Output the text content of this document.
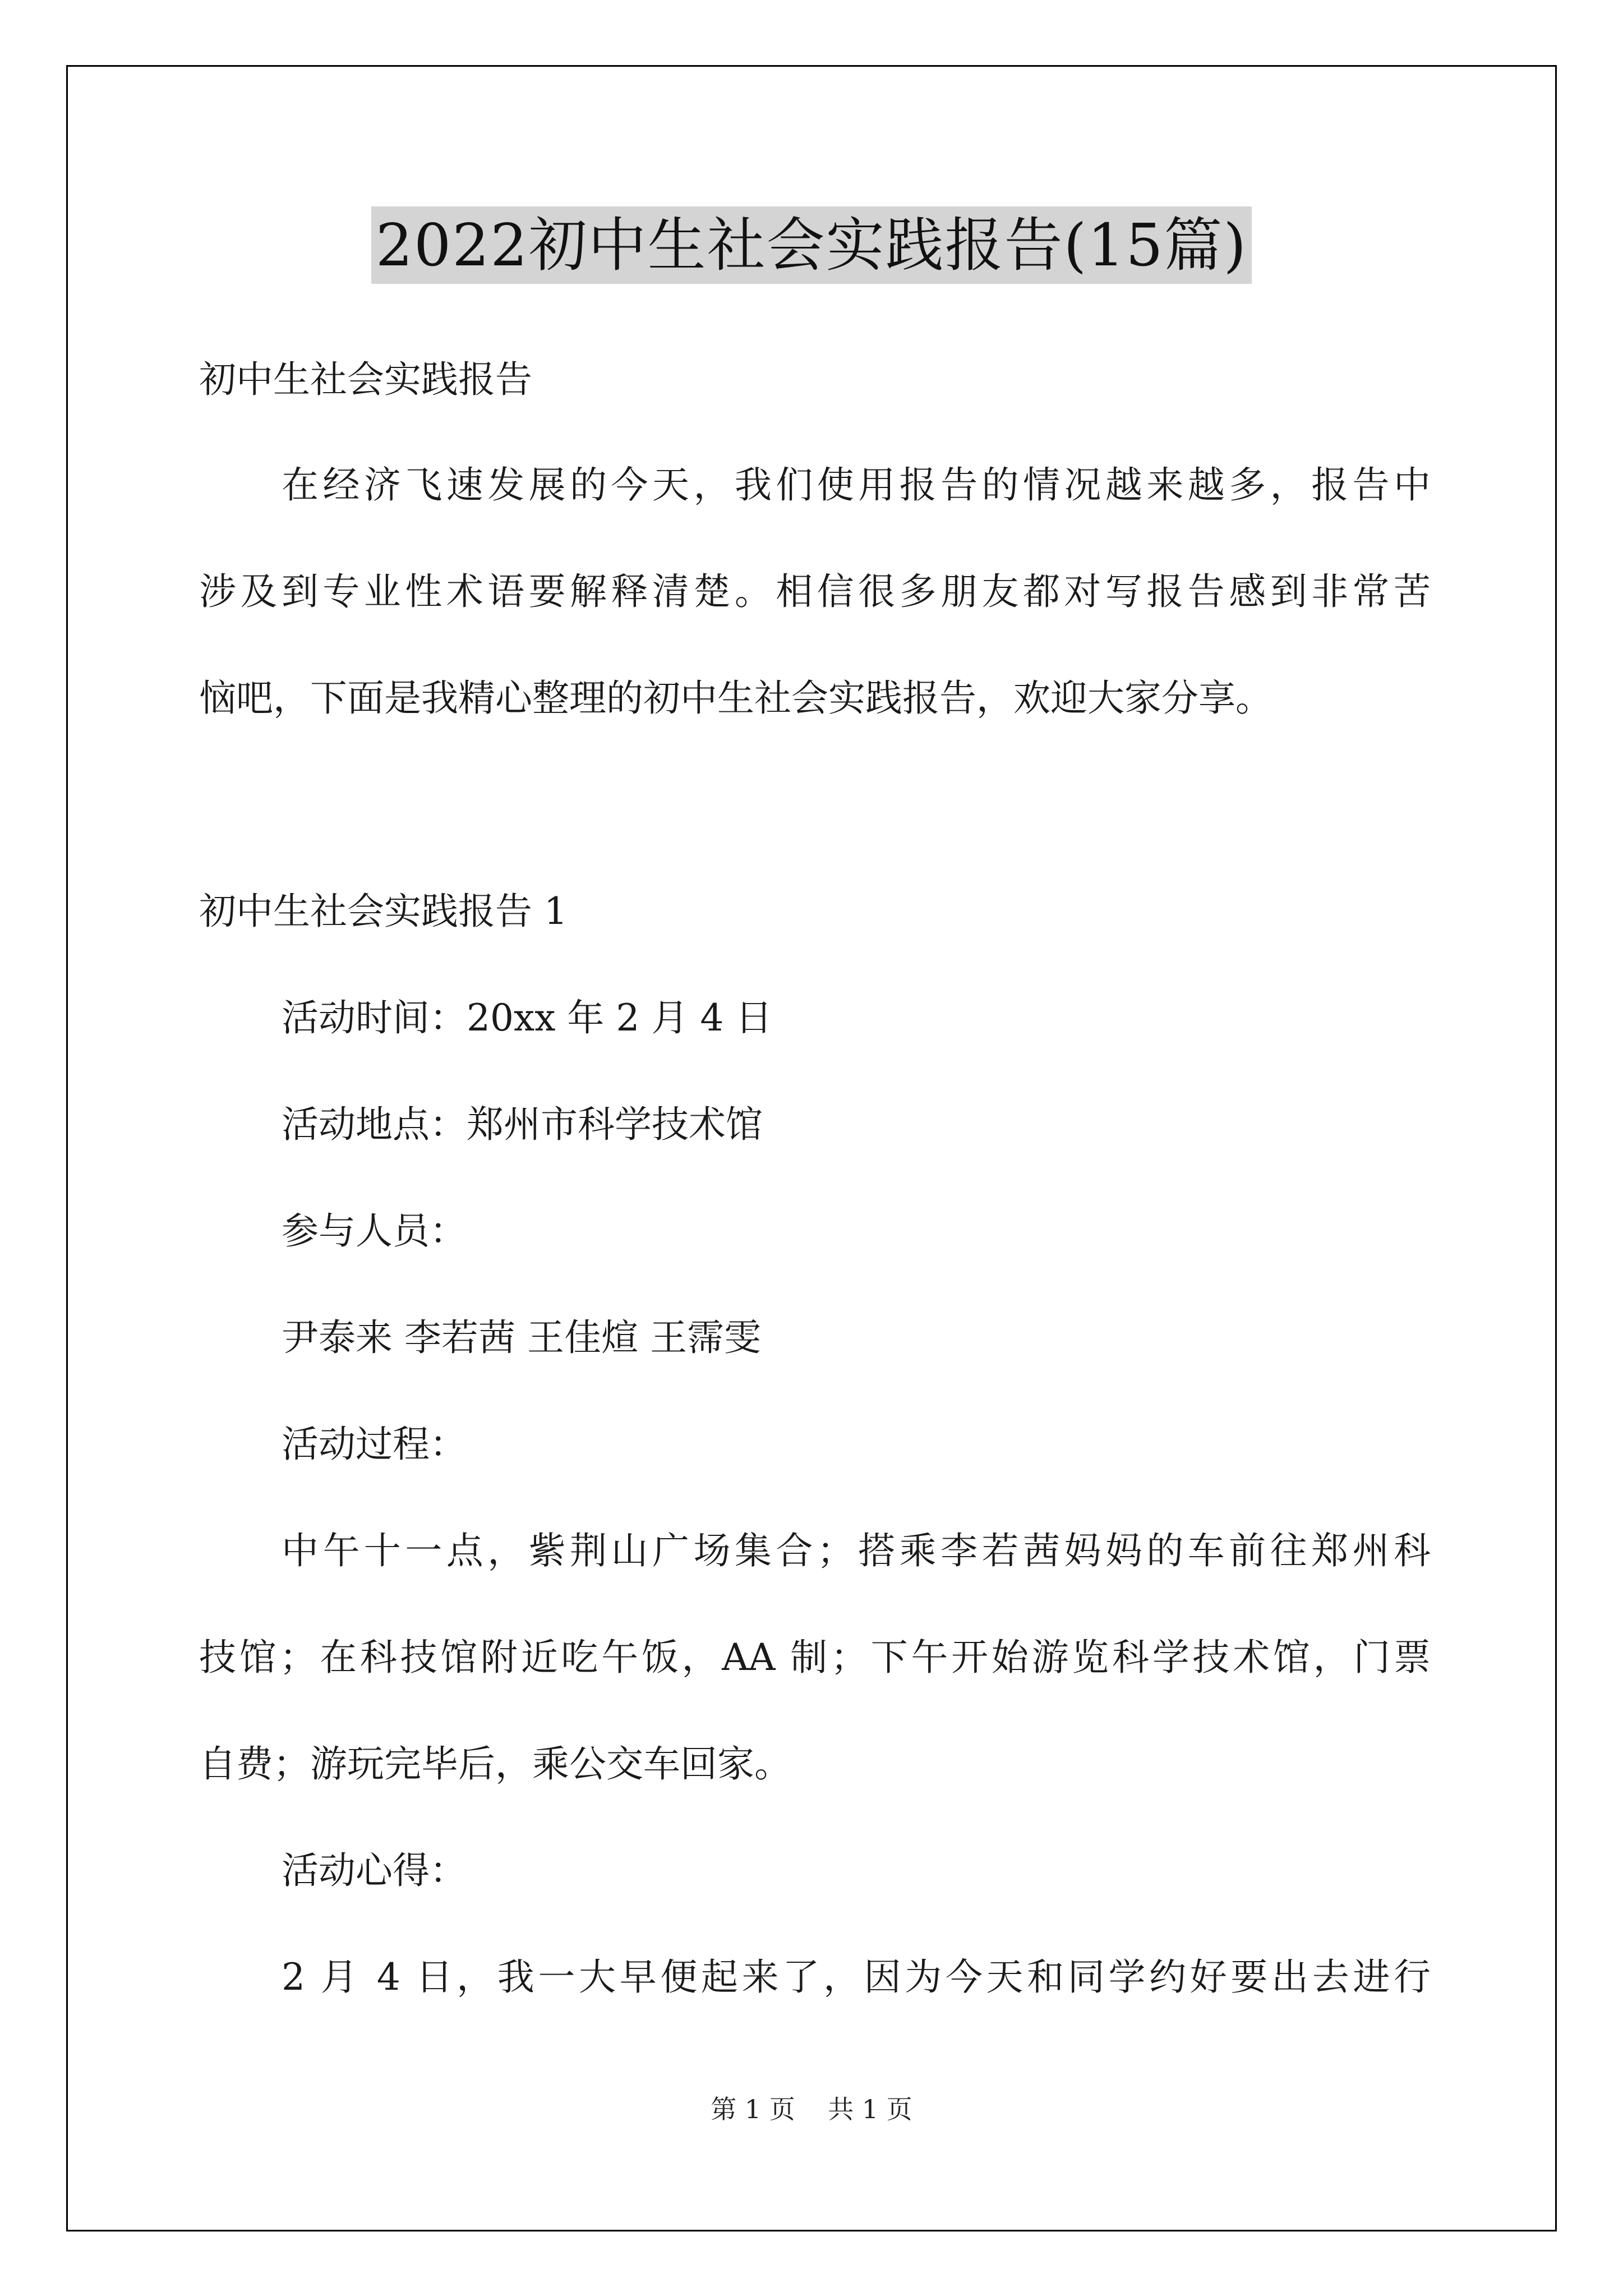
2022初中生社会实践报告(15篇)
初中生社会实践报告
在经济飞速发展的今天，我们使用报告的情况越来越多，报告中
涉及到专业性术语要解释清楚。相信很多朋友都对写报告感到非常苦
恼吧，下面是我精心整理的初中生社会实践报告，欢迎大家分享。
初中生社会实践报告 1
活动时间：20xx 年 2 月 4 日
活动地点：郑州市科学技术馆
参与人员：
尹泰来 李若茜 王佳煊 王霈雯
活动过程：
中午十一点，紫荆山广场集合；搭乘李若茜妈妈的车前往郑州科
技馆；在科技馆附近吃午饭，AA 制；下午开始游览科学技术馆，门票
自费；游玩完毕后，乘公交车回家。
活动心得：
2 月 4 日，我一大早便起来了，因为今天和同学约好要出去进行
第 1 页    共 1 页
